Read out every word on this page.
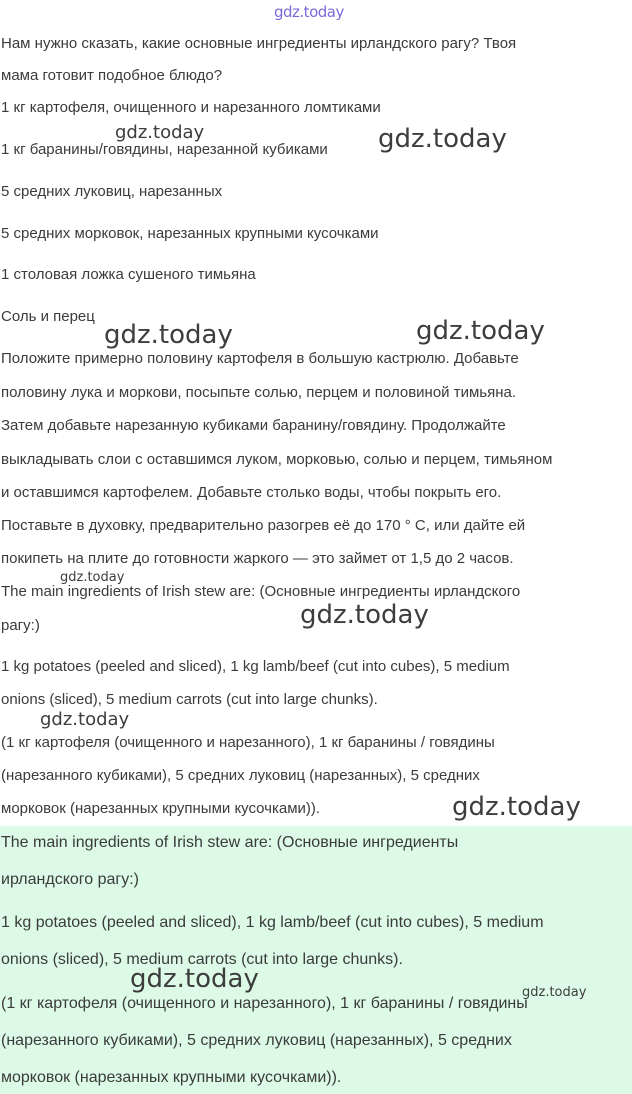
gdz.today
Нам нужно сказать, какие основные ингредиенты ирландского рагу? Твоя
мама готовит подобное блюдо?
1 кг картофеля, очищенного и нарезанного ломтиками
1 кг баранины/говядины, нарезанной кубиками
5 средних луковиц, нарезанных
5 средних морковок, нарезанных крупными кусочками
1 столовая ложка сушеного тимьяна
Соль и перец
Положите примерно половину картофеля в большую кастрюлю. Добавьте
половину лука и моркови, посыпьте солью, перцем и половиной тимьяна.
Затем добавьте нарезанную кубиками баранину/говядину. Продолжайте
выкладывать слои с оставшимся луком, морковью, солью и перцем, тимьяном
и оставшимся картофелем. Добавьте столько воды, чтобы покрыть его.
Поставьте в духовку, предварительно разогрев её до 170 ° C, или дайте ей
покипеть на плите до готовности жаркого — это займет от 1,5 до 2 часов.
The main ingredients of Irish stew are: (Основные ингредиенты ирландского
рагу:)
1 kg potatoes (peeled and sliced), 1 kg lamb/beef (cut into cubes), 5 medium
onions (sliced), 5 medium carrots (cut into large chunks).
(1 кг картофеля (очищенного и нарезанного), 1 кг баранины / говядины
(нарезанного кубиками), 5 средних луковиц (нарезанных), 5 средних
морковок (нарезанных крупными кусочками)).
The main ingredients of Irish stew are: (Основные ингредиенты
ирландского рагу:)
1 kg potatoes (peeled and sliced), 1 kg lamb/beef (cut into cubes), 5 medium
onions (sliced), 5 medium carrots (cut into large chunks).
(1 кг картофеля (очищенного и нарезанного), 1 кг баранины / говядины
(нарезанного кубиками), 5 средних луковиц (нарезанных), 5 средних
морковок (нарезанных крупными кусочками)).
gdz.today	gdz.today
gdz.today	gdz.today
gdz.today
gdz.today
gdz.today
gdz.today
gdz.today	gdz.today
